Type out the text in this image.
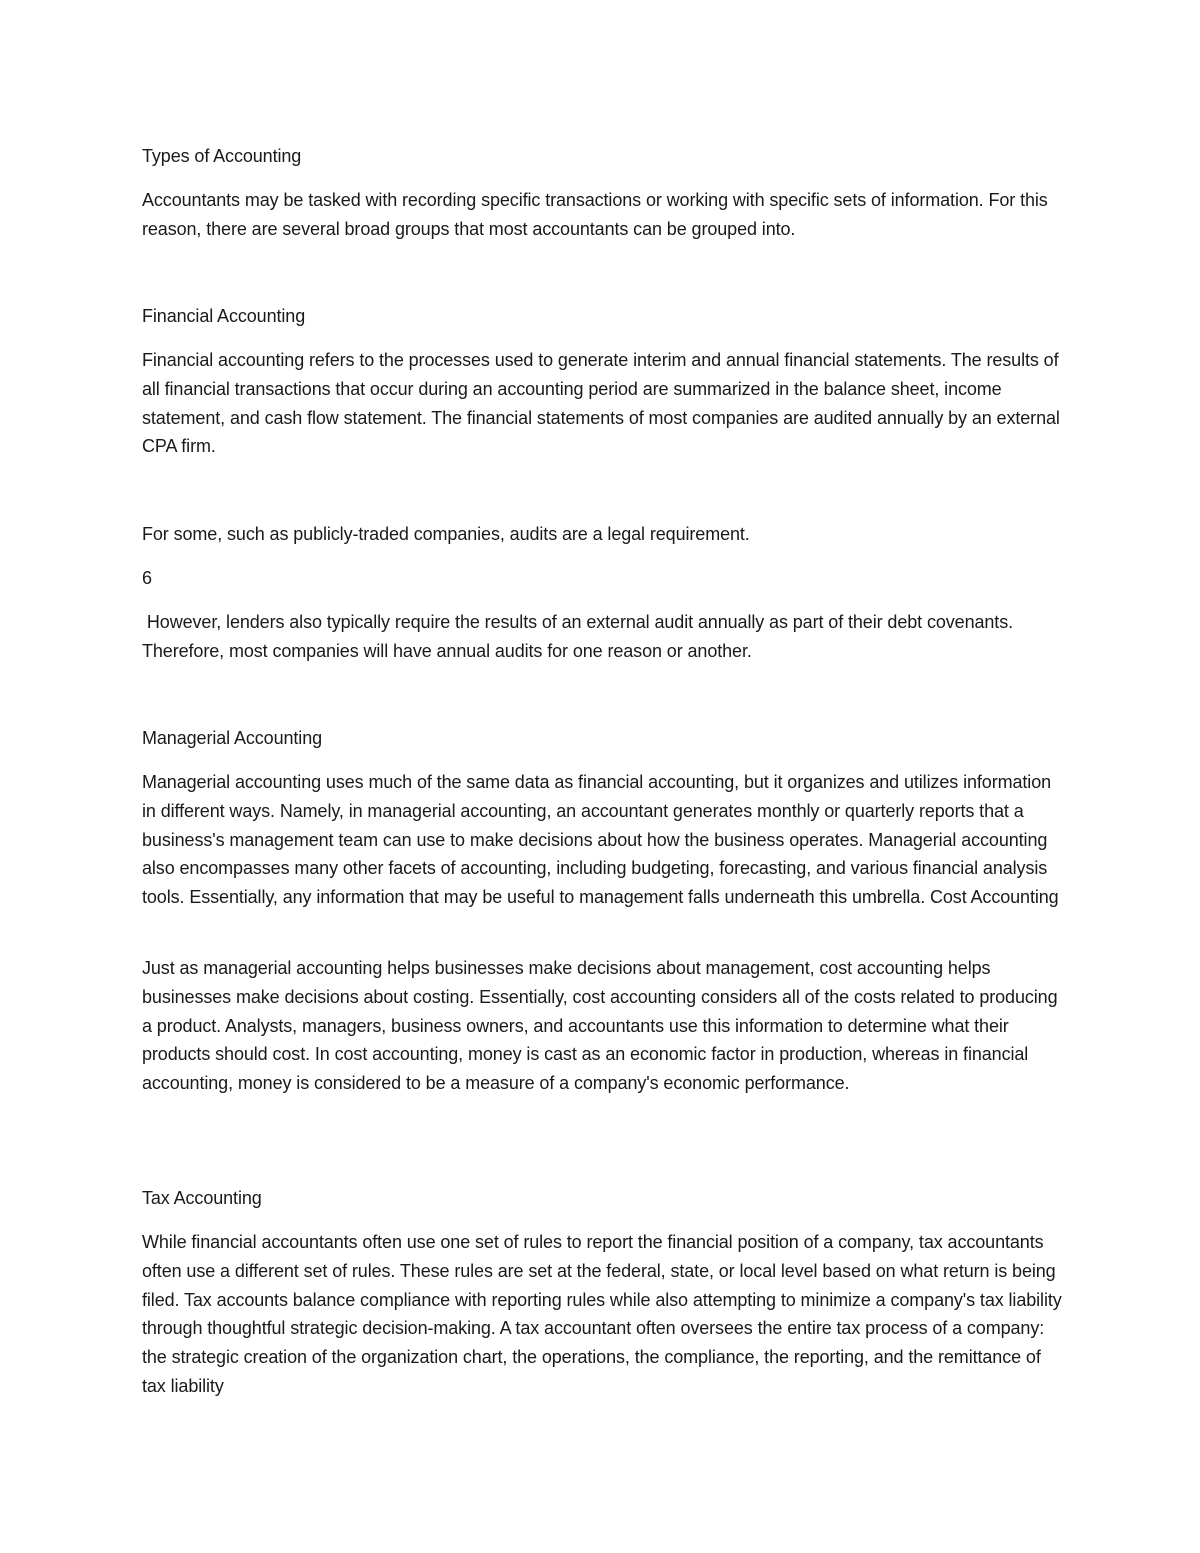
Types of Accounting

Accountants may be tasked with recording specific transactions or working with specific sets of information. For this reason, there are several broad groups that most accountants can be grouped into.

Financial Accounting

Financial accounting refers to the processes used to generate interim and annual financial statements. The results of all financial transactions that occur during an accounting period are summarized in the balance sheet, income statement, and cash flow statement. The financial statements of most companies are audited annually by an external CPA firm.

For some, such as publicly-traded companies, audits are a legal requirement.

6

However, lenders also typically require the results of an external audit annually as part of their debt covenants. Therefore, most companies will have annual audits for one reason or another.

Managerial Accounting

Managerial accounting uses much of the same data as financial accounting, but it organizes and utilizes information in different ways. Namely, in managerial accounting, an accountant generates monthly or quarterly reports that a business's management team can use to make decisions about how the business operates. Managerial accounting also encompasses many other facets of accounting, including budgeting, forecasting, and various financial analysis tools. Essentially, any information that may be useful to management falls underneath this umbrella. Cost Accounting

Just as managerial accounting helps businesses make decisions about management, cost accounting helps businesses make decisions about costing. Essentially, cost accounting considers all of the costs related to producing a product. Analysts, managers, business owners, and accountants use this information to determine what their products should cost. In cost accounting, money is cast as an economic factor in production, whereas in financial accounting, money is considered to be a measure of a company's economic performance.

Tax Accounting

While financial accountants often use one set of rules to report the financial position of a company, tax accountants often use a different set of rules. These rules are set at the federal, state, or local level based on what return is being filed. Tax accounts balance compliance with reporting rules while also attempting to minimize a company's tax liability through thoughtful strategic decision-making. A tax accountant often oversees the entire tax process of a company: the strategic creation of the organization chart, the operations, the compliance, the reporting, and the remittance of tax liability
